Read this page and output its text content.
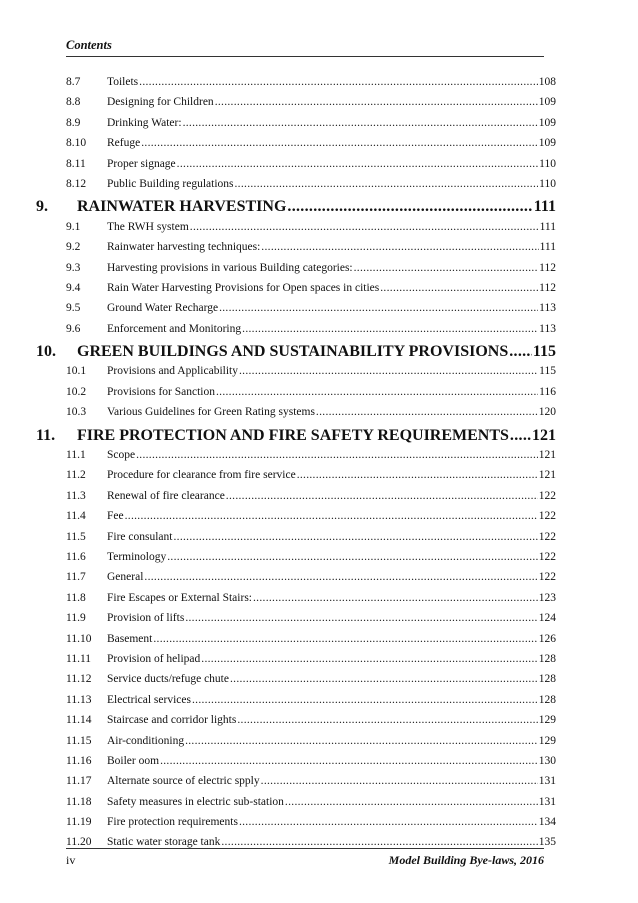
Contents
8.7	Toilets .....	108
8.8	Designing for Children .....	109
8.9	Drinking Water: .....	109
8.10	Refuge .....	109
8.11	Proper signage .....	110
8.12	Public Building regulations .....	110
9.	RAINWATER HARVESTING .....	111
9.1	The RWH system .....	111
9.2	Rainwater harvesting techniques: .....	111
9.3	Harvesting provisions in various Building categories: .....	112
9.4	Rain Water Harvesting Provisions for Open spaces in cities .....	112
9.5	Ground Water Recharge .....	113
9.6	Enforcement and Monitoring .....	113
10.	GREEN BUILDINGS AND SUSTAINABILITY PROVISIONS ..... 115
10.1	Provisions and Applicability .....	115
10.2	Provisions for Sanction .....	116
10.3	Various Guidelines for Green Rating systems .....	120
11.	FIRE PROTECTION AND FIRE SAFETY REQUIREMENTS ..... 121
11.1	Scope .....	121
11.2	Procedure for clearance from fire service .....	121
11.3	Renewal of fire clearance .....	122
11.4	Fee .....	122
11.5	Fire consulant .....	122
11.6	Terminology .....	122
11.7	General .....	122
11.8	Fire Escapes or External Stairs: .....	123
11.9	Provision of lifts .....	124
11.10	Basement .....	126
11.11	Provision of helipad .....	128
11.12	Service ducts/refuge chute .....	128
11.13	Electrical services .....	128
11.14	Staircase and corridor lights .....	129
11.15	Air-conditioning .....	129
11.16	Boiler oom .....	130
11.17	Alternate source of electric spply .....	131
11.18	Safety measures in electric sub-station .....	131
11.19	Fire protection requirements .....	134
11.20	Static water storage tank .....	135
iv	Model Building Bye-laws, 2016
